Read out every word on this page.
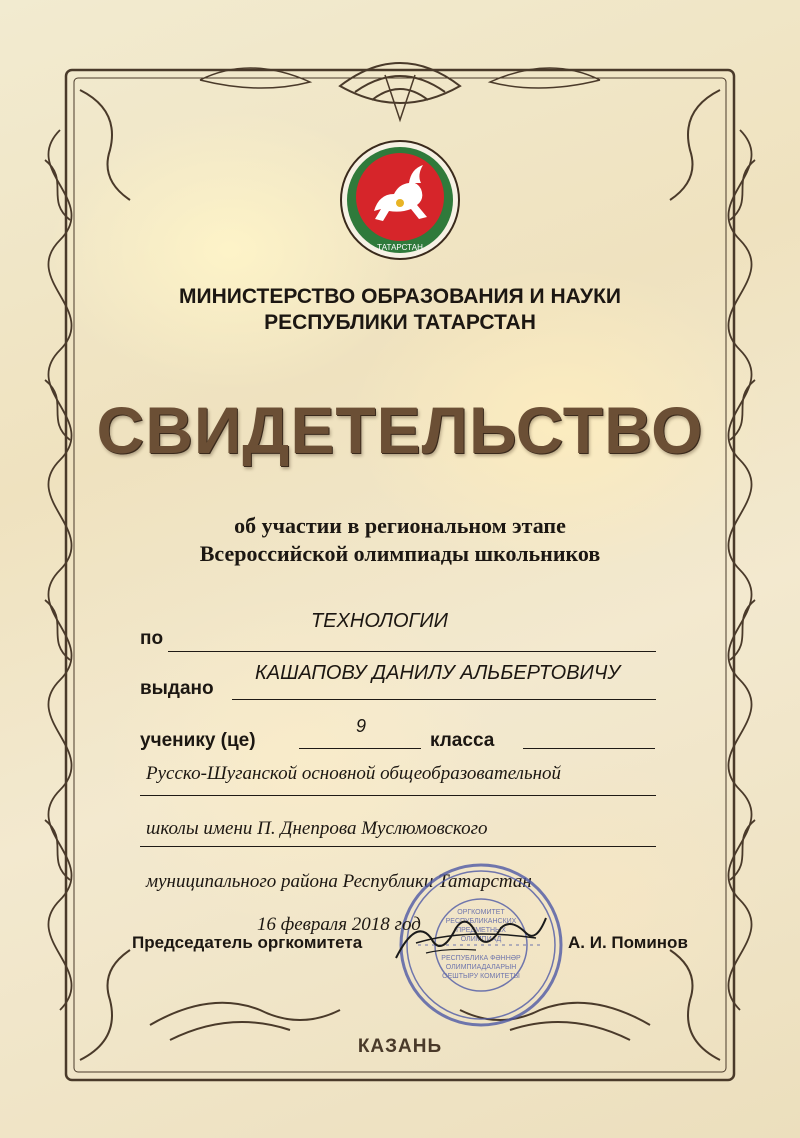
ТАТАРСТАН
МИНИСТЕРСТВО ОБРАЗОВАНИЯ И НАУКИ
РЕСПУБЛИКИ ТАТАРСТАН
СВИДЕТЕЛЬСТВО
об участии в региональном этапе
Всероссийской олимпиады школьников
по
ТЕХНОЛОГИИ
выдано
КАШАПОВУ ДАНИЛУ АЛЬБЕРТОВИЧУ
ученику (це)
9
класса
Русско-Шуганской основной общеобразовательной
школы имени П. Днепрова Муслюмовского
муниципального района Республики Татарстан
ОРГКОМИТЕТ
РЕСПУБЛИКАНСКИХ
ПРЕДМЕТНЫХ
ОЛИМПИАД
РЕСПУБЛИКА ФӘННӘР
ОЛИМПИАДАЛАРЫН
ОЕШТЫРУ КОМИТЕТЫ
16 февраля 2018 год
Председатель оргкомитета	А. И. Поминов
КАЗАНЬ
